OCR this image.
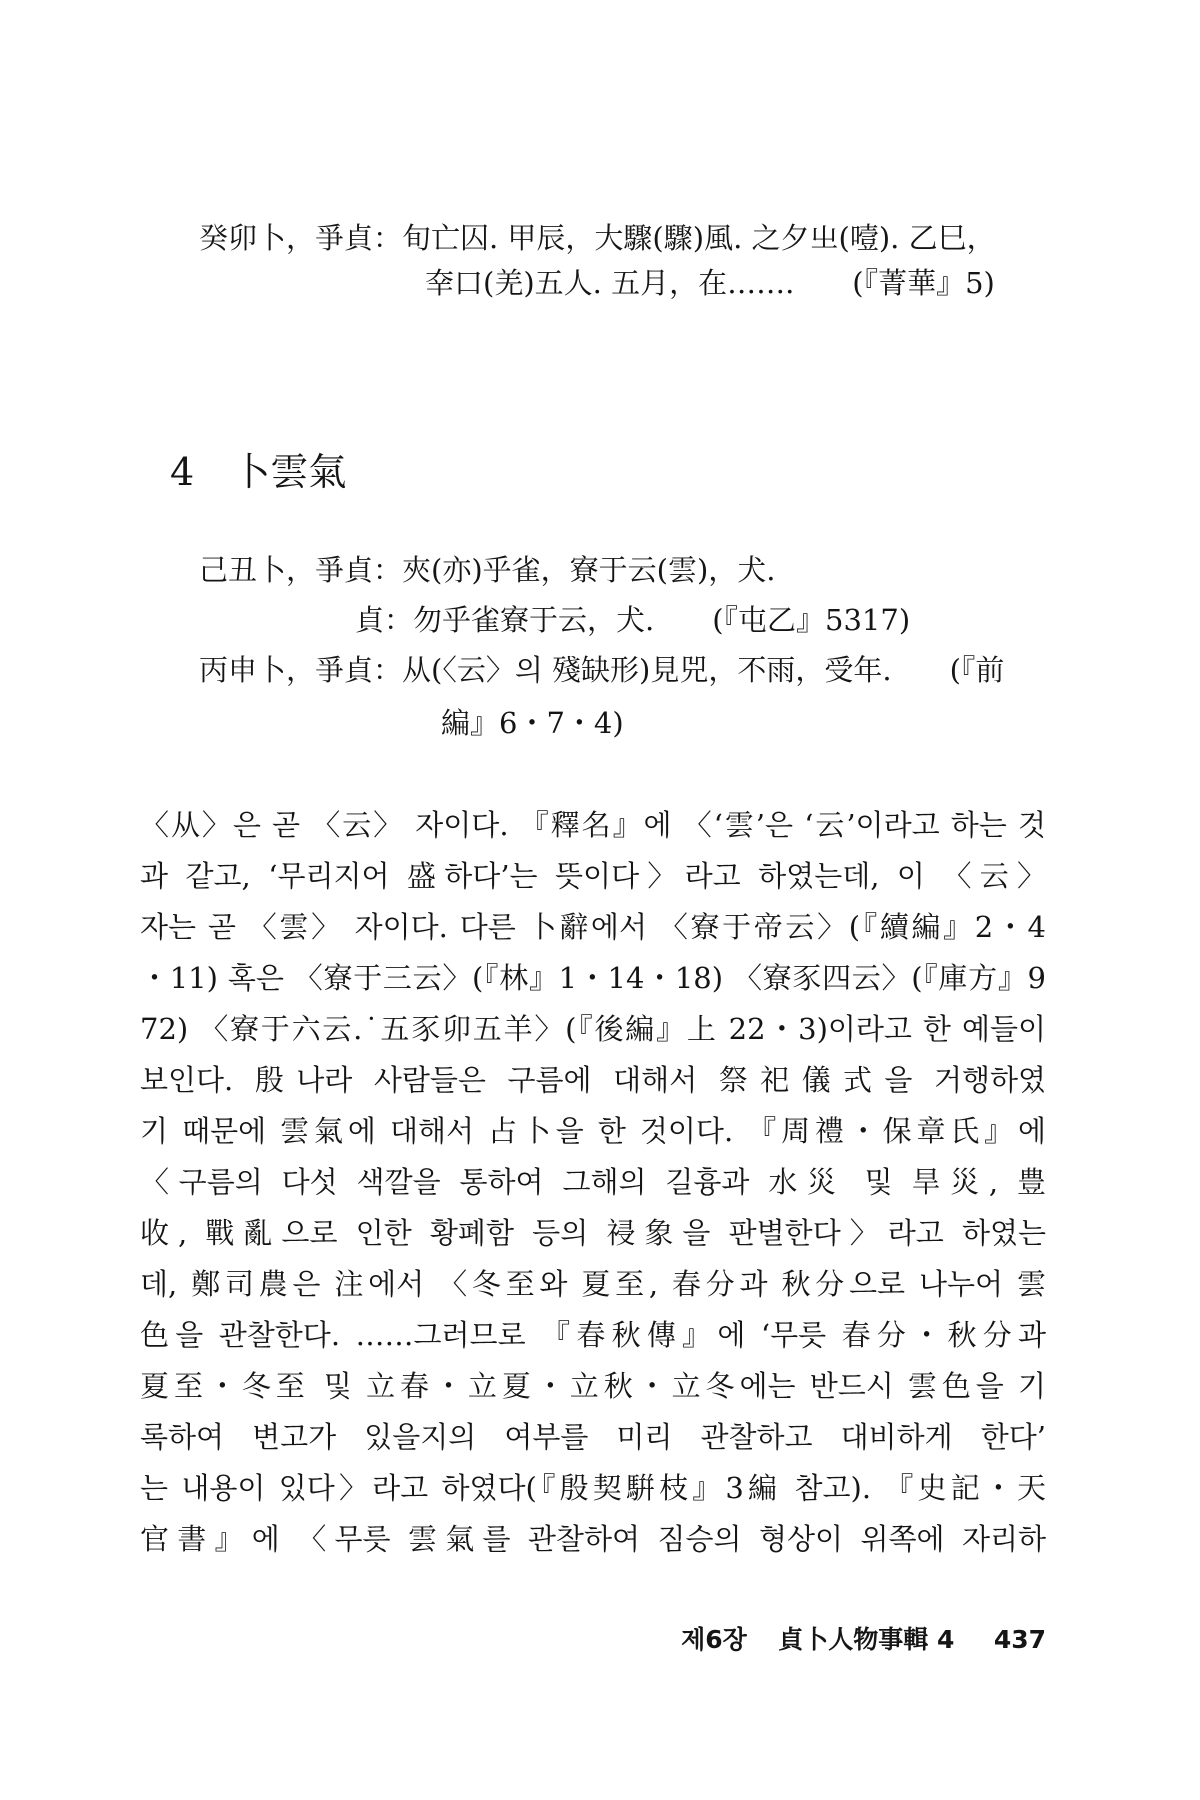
癸卯卜，爭貞：旬亡囚. 甲辰，大驟(驟)風. 之夕㞢(噎). 乙巳，
㚔口(羌)五人. 五月，在…….　　(『菁華』5)
4 卜雲氣
己丑卜，爭貞：夾(亦)乎雀，寮于云(雲)，犬.
貞：勿乎雀寮于云，犬.　　(『屯乙』5317)
丙申卜，爭貞：从(〈云〉의 殘缺形)見兕，不雨，受年.　　(『前
編』6・7・4)
〈从〉은 곧 〈云〉 자이다. 『釋名』에 〈‘雲’은 ‘云’이라고 하는 것
과 같고, ‘무리지어 盛하다’는 뜻이다〉라고 하였는데, 이 〈云〉
자는 곧 〈雲〉 자이다. 다른 卜辭에서 〈寮于帝云〉(『續編』2・4
・11) 혹은 〈寮于三云〉(『林』1・14・18) 〈寮豕四云〉(『庫方』9
72) 〈寮于六云.˙五豕卯五羊〉(『後編』上 22・3)이라고 한 예들이
보인다. 殷나라 사람들은 구름에 대해서 祭祀儀式을 거행하였
기 때문에 雲氣에 대해서 占卜을 한 것이다. 『周禮・保章氏』에
〈구름의 다섯 색깔을 통하여 그해의 길흉과 水災 및 旱災, 豊
收, 戰亂으로 인한 황폐함 등의 祲象을 판별한다〉라고 하였는
데, 鄭司農은 注에서 〈冬至와 夏至, 春分과 秋分으로 나누어 雲
色을 관찰한다. ……그러므로 『春秋傳』에 ‘무릇 春分・秋分과
夏至・冬至 및 立春・立夏・立秋・立冬에는 반드시 雲色을 기
록하여 변고가 있을지의 여부를 미리 관찰하고 대비하게 한다’
는 내용이 있다〉라고 하였다(『殷契騈枝』3編 참고). 『史記・天
官書』에 〈무릇 雲氣를 관찰하여 짐승의 형상이 위쪽에 자리하
제6장 貞卜人物事輯 4 437
